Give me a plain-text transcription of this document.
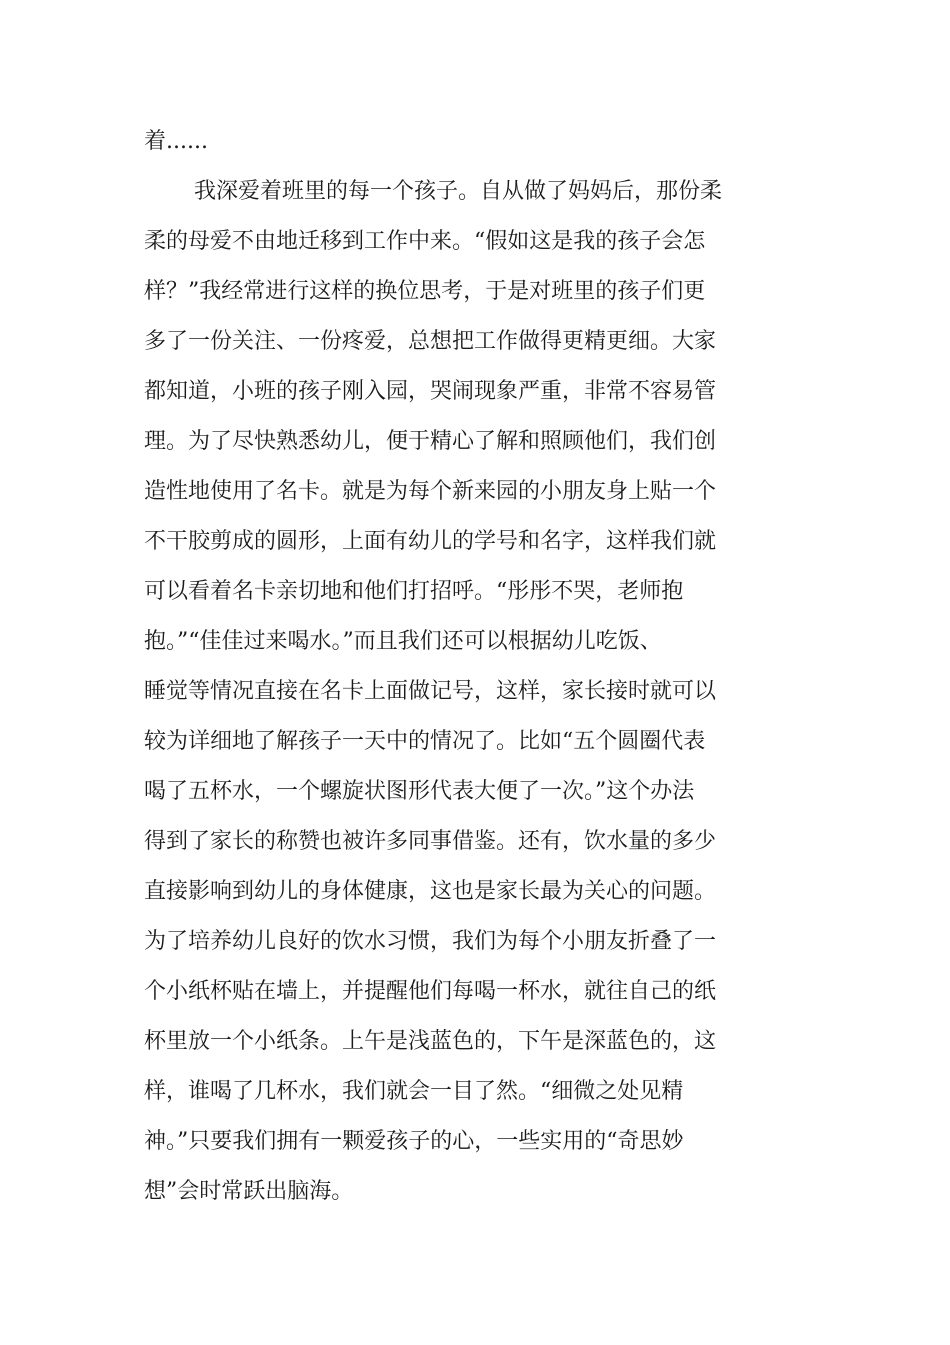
着......
我深爱着班里的每一个孩子。自从做了妈妈后，那份柔
柔的母爱不由地迁移到工作中来。“假如这是我的孩子会怎
样？”我经常进行这样的换位思考，于是对班里的孩子们更
多了一份关注、一份疼爱，总想把工作做得更精更细。大家
都知道，小班的孩子刚入园，哭闹现象严重，非常不容易管
理。为了尽快熟悉幼儿，便于精心了解和照顾他们，我们创
造性地使用了名卡。就是为每个新来园的小朋友身上贴一个
不干胶剪成的圆形，上面有幼儿的学号和名字，这样我们就
可以看着名卡亲切地和他们打招呼。“彤彤不哭，老师抱
抱。”“佳佳过来喝水。”而且我们还可以根据幼儿吃饭、
睡觉等情况直接在名卡上面做记号，这样，家长接时就可以
较为详细地了解孩子一天中的情况了。比如“五个圆圈代表
喝了五杯水，一个螺旋状图形代表大便了一次。”这个办法
得到了家长的称赞也被许多同事借鉴。还有，饮水量的多少
直接影响到幼儿的身体健康，这也是家长最为关心的问题。
为了培养幼儿良好的饮水习惯，我们为每个小朋友折叠了一
个小纸杯贴在墙上，并提醒他们每喝一杯水，就往自己的纸
杯里放一个小纸条。上午是浅蓝色的，下午是深蓝色的，这
样，谁喝了几杯水，我们就会一目了然。“细微之处见精
神。”只要我们拥有一颗爱孩子的心，一些实用的“奇思妙
想”会时常跃出脑海。
